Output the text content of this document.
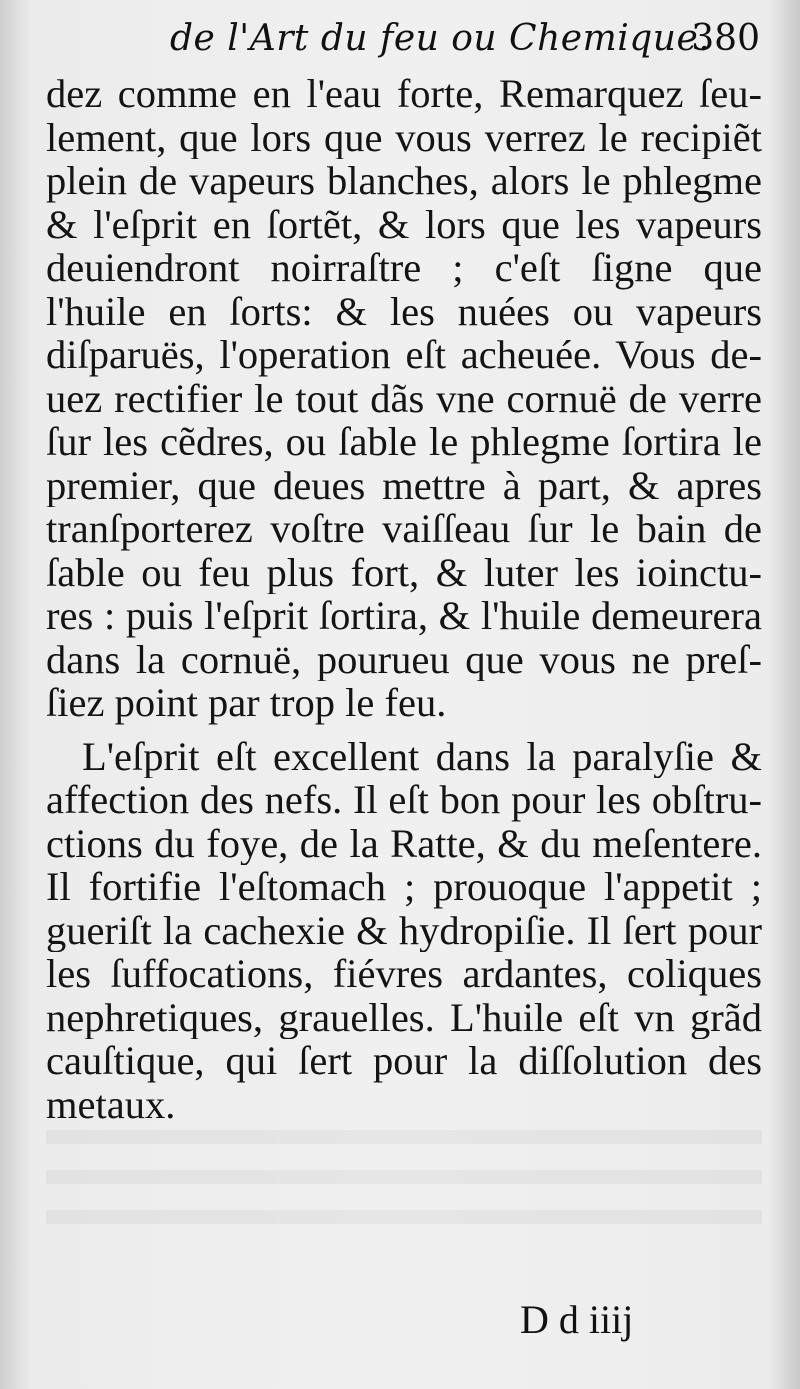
de l'Art du feu ou Chemique.
380
dez comme en l'eau forte, Remarquez ſeu-
lement, que lors que vous verrez le recipiẽt
plein de vapeurs blanches, alors le phlegme
& l'eſprit en ſortẽt, & lors que les vapeurs
deuiendront noirraſtre ; c'eſt ſigne que
l'huile en ſorts: & les nuées ou vapeurs
diſparuës, l'operation eſt acheuée. Vous de-
uez rectifier le tout dãs vne cornuë de verre
ſur les cẽdres, ou ſable le phlegme ſortira le
premier, que deues mettre à part, & apres
tranſporterez voſtre vaiſſeau ſur le bain de
ſable ou feu plus fort, & luter les ioinctu-
res : puis l'eſprit ſortira, & l'huile demeurera
dans la cornuë, pourueu que vous ne preſ-
ſiez point par trop le feu.
L'eſprit eſt excellent dans la paralyſie &
affection des nefs. Il eſt bon pour les obſtru-
ctions du foye, de la Ratte, & du meſentere.
Il fortifie l'eſtomach ; prouoque l'appetit ;
gueriſt la cachexie & hydropiſie. Il ſert pour
les ſuffocations, fiévres ardantes, coliques
nephretiques, grauelles. L'huile eſt vn grãd
cauſtique, qui ſert pour la diſſolution des
metaux.
D d iiij
